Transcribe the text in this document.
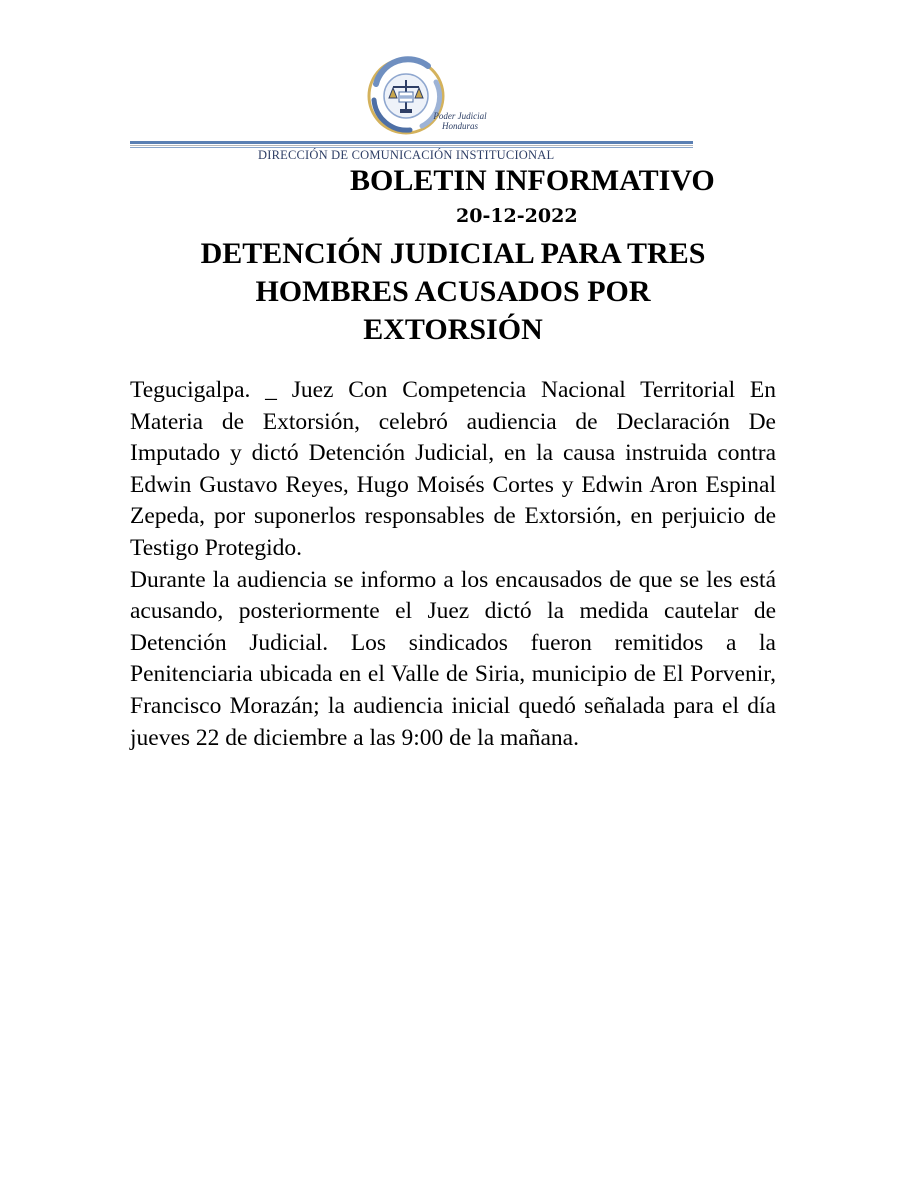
Poder Judicial
Honduras
DIRECCIÓN DE COMUNICACIÓN INSTITUCIONAL
BOLETIN INFORMATIVO
20-12-2022
DETENCIÓN JUDICIAL PARA TRES
HOMBRES ACUSADOS POR
EXTORSIÓN

Tegucigalpa. _ Juez Con Competencia Nacional Territorial En Materia de Extorsión, celebró audiencia de Declaración De Imputado y dictó Detención Judicial, en la causa instruida contra Edwin Gustavo Reyes, Hugo Moisés Cortes y Edwin Aron Espinal Zepeda, por suponerlos responsables de Extorsión, en perjuicio de Testigo Protegido.

Durante la audiencia se informo a los encausados de que se les está acusando, posteriormente el Juez dictó la medida cautelar de Detención Judicial. Los sindicados fueron remitidos a la Penitenciaria ubicada en el Valle de Siria, municipio de El Porvenir, Francisco Morazán; la audiencia inicial quedó señalada para el día jueves 22 de diciembre a las 9:00 de la mañana.
